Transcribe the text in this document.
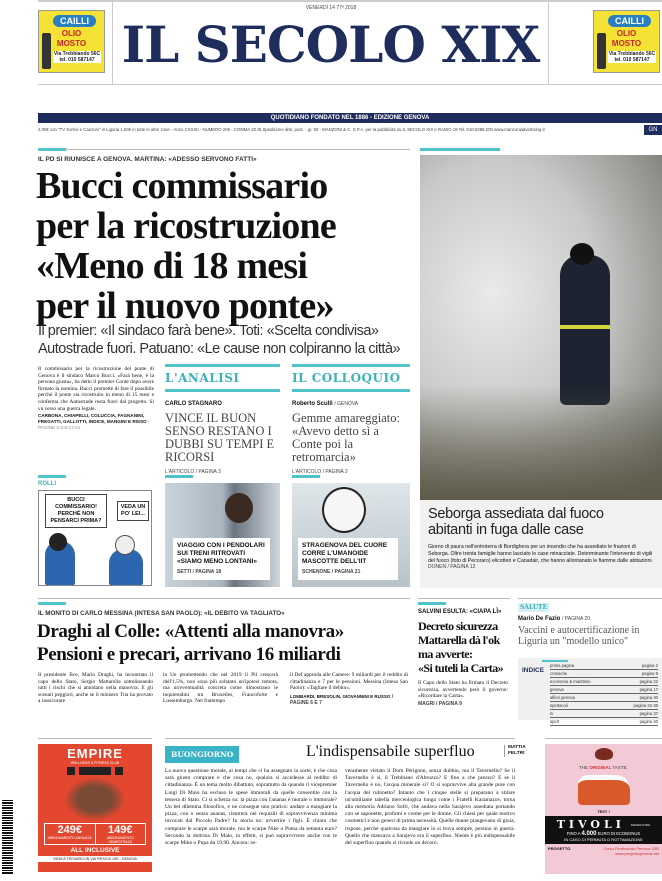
CAILLI
OLIO
MOSTO
Via Trebbiando 56C
tel. 010 587147
CAILLI
OLIO
MOSTO
Via Trebbiando 56C
tel. 010 587147
VENERDÌ 14 77ª 2018
IL SECOLO XIX
QUOTIDIANO FONDATO NEL 1886 - EDIZIONE GENOVA
2,00€ con "TV Sorrisi e Canzoni" in Liguria 1,50€ in tutte le altre zone - Anno CXXXII - NUMERO 206 - COMMA 20 /B Spedizione abb. post. - gr. 50 - MANZONI & C. S.P.A. per la pubblicità su IL SECOLO XIX e RADIO 19 Tel. 010.5388.200 www.manzoniadvertising.it	GN
IL PD SI RIUNISCE A GENOVA. MARTINA: «ADESSO SERVONO FATTI»
Bucci commissario
per la ricostruzione
«Meno di 18 mesi
per il nuovo ponte»
Il premier: «Il sindaco farà bene». Toti: «Scelta condivisa»
Autostrade fuori. Patuano: «Le cause non colpiranno la città»
Il commissario per la ricostruzione del ponte di Genova è il sindaco Marco Bucci. «Farà bene, è la persona giusta», ha detto il premier Conte dopo avere firmato la nomina. Bucci promette di fare il possibile perché il ponte sia ricostruito in meno di 15 mesi e conferma che Autostrade resta fuori dal progetto. Si va verso una guerra legale.
CARBONA, CHIAPELLI, COLUCCIA, FAGNANINI, FREGATTI, GALLOTTI, INDICE, MANGINI E RISSO / PAGINE 2-3-5-17-21
L'ANALISI
CARLO STAGNARO
VINCE IL BUON SENSO RESTANO I DUBBI SU TEMPI E RICORSI
L'ARTICOLO / PAGINA 3
IL COLLOQUIO
Roberto Sculli / GENOVA
Gemme amareggiato: «Avevo detto sì a Conte poi la retromarcia»
L'ARTICOLO / PAGINA 2
ROLLI
BUCCI COMMISSARIO! PERCHÉ NON PENSARCI PRIMA?
VEDA UN PO' LEI...
VIAGGIO CON I PENDOLARI SUI TRENI RITROVATI «SIAMO MENO LONTANI»
SETTI / PAGINA 18
STRAGENOVA DEL CUORE CORRE L'UMANOIDE MASCOTTE DELL'IIT
SCHENONE / PAGINA 21
Seborga assediata dal fuoco
abitanti in fuga dalle case
Giorno di paura nell'entroterra di Bordighera per un incendio che ha assediato le frazioni di Seborga. Oltre trenta famiglie hanno lasciato le case minacciate. Determinante l'intervento di vigili del fuoco (foto di Pecoraro) elicotteri e Canadair, che hanno allontanato le fiamme dalle abitazioni. DONEN / PAGINA 12
IL MONITO DI CARLO MESSINA (INTESA SAN PAOLO): «IL DEBITO VA TAGLIATO»
Draghi al Colle: «Attenti alla manovra»
Pensioni e precari, arrivano 16 miliardi
Il presidente Bce, Mario Draghi, ha incontrato il capo dello Stato, Sergio Mattarella sottolineando tutti i rischi che si annidano nella manovra. E gli scenari peggiori, anche se il ministro Tria ha provato a rassicurare
la Ue promettendo che nel 2019 il Pil crescerà dell'1,5%, non sono più soltanto un'ipotesi remota, ma un'eventualità concreta come dimostrano le inquietudini tra Bruxelles, Francoforte e Lussemburgo. Nel frattempo
il Def approda alle Camere: 9 miliardi per il reddito di cittadinanza e 7 per le pensioni. Messina (Intesa San Paolo): «Tagliare il debito».
LOMBARDI, BRESOLIN, GIOVANNINI E RUSSO / PAGINE 6 E 7
SALVINI ESULTA: «CIAPA LÌ»
Decreto sicurezza
Mattarella dà l'ok
ma avverte:
«Si tuteli la Carta»
Il Capo dello Stato ha firmato il Decreto sicurezza, avvertendo però il governo: «Ricordare la Carta».
MAGRI / PAGINA 9
SALUTE
Mario De Fazio / PAGINA 20
Vaccini e autocertificazione in Liguria un "modello unico"
INDICE
prima pagina	pagina 2
cronache	pagina 9
economia & marittimo	pagina 22
genova	pagina 17
alfieri genova	pagina 30
spettacoli	pagina 32-35
tv	pagina 37
sport	pagina 40
EMPIRE
WELLNESS & FITNESS CLUB
249€
ABBONAMENTO ANNUALE
149€
ABBONAMENTO SEMESTRALE
ALL INCLUSIVE
VIENI A TROVARCI IN VIA FIESCHI 10R - GENOVA
BUONGIORNO	L'indispensabile superfluo	MATTIA FELTRI
La nuova questione morale, ai tempi che ci ha assegnato la sorte, è che cosa sarà giusto comprare e che cosa no, qualora si accedesse al reddito di cittadinanza. È un tema molto dibattuto, soprattutto da quando il vicepremier Luigi Di Maio ha escluso le spese immorali da quelle consentite con la tessera di Stato. Ci si scherza su: la pizza con l'ananas è morale o immorale? Un bel dilemma filosofico, e ne consegue uno pratico: andare a mangiare la pizza, con o senza ananas, rientrerà nei requisiti di sopravvivenza minima invocati dal Piccolo Padre? In teoria no: avvertire i figli. È chiaro che comprare le scarpe sarà morale, ma le scarpe Nike o Puma da settanta euro? Secondo la dottrina Di Maio, in effetti, si può sopravvivere anche con le scarpe Mike o Pupa da 19,90. Ancora: se-
veramente vietato il Dom Pérignon, senza dubbio, ma il Tavernello? Se il Tavernello è sì, il Trebbiano d'Abruzzo? E fino a che prezzo? E se il Tavernello è no, l'acqua minerale sì? O si sopravvive alla grande pure con l'acqua del rubinetto? Intanto che i cinque stelle si preparano a stilare un'umiliante tabella merceologica lunga come i Fratelli Karamazov, torna alla memoria Adriano Sofri, che andava nella Sarajevo assediata portando con sé saponette, profumi e creme per le donne. Gli chiesi per quale motivo cosmetici e non generi di prima necessità. Quelle donne piangevano di gioia, rispose, perché qualcosa da mangiare lo si trova sempre, persino in guerra. Quello che mancava a Sarajevo era il superfluo. Niente è più indispensabile del superfluo quando si rivuole un decoro.
THE ORIGINAL TASTE.
TEST !
TIVOLI SSANGYONG
FINO A 4.000 EURO DI ECOBONUS
IN CASO DI PERMUTA O ROTTAMAZIONE
PROGETTO	Corso Ferdinando Perrone 33R
www.progettogenova.net
